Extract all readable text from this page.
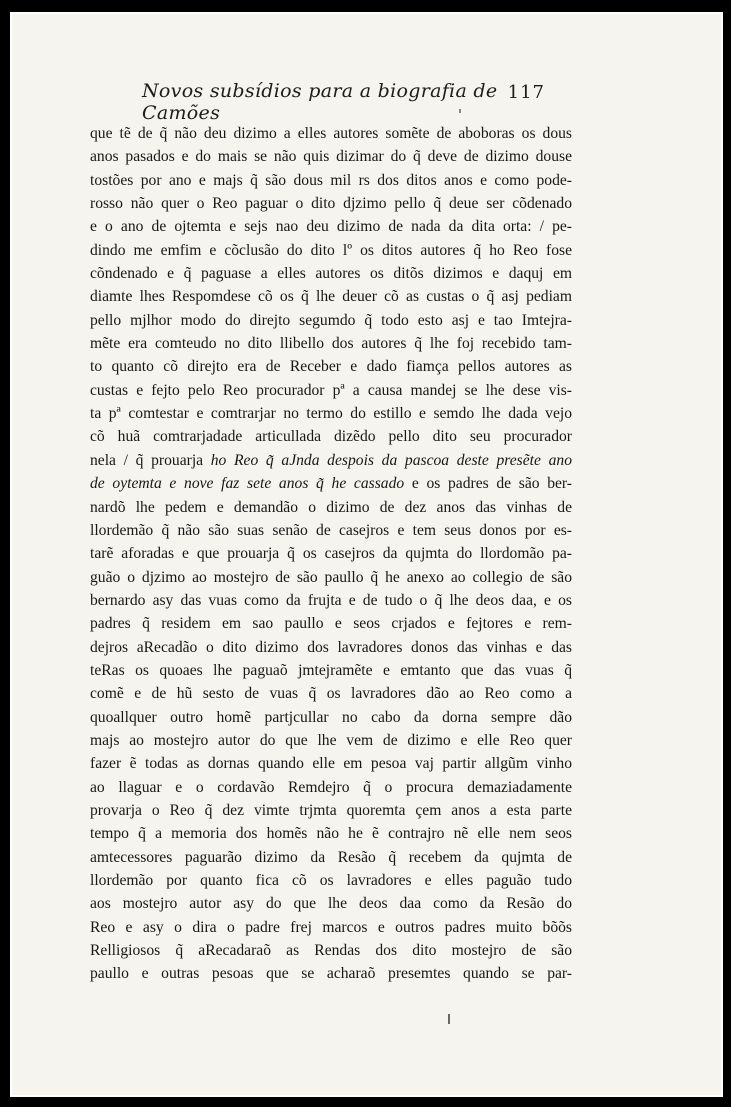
Novos subsídios para a biografia de Camões
117
que tẽ de q̃ não deu dizimo a elles autores somẽte de aboboras os dous
anos pasados e do mais se não quis dizimar do q̃ deve de dizimo douse
tostões por ano e majs q̃ são dous mil rs dos ditos anos e como pode-
rosso não quer o Reo paguar o dito djzimo pello q̃ deue ser cõdenado
e o ano de ojtemta e sejs nao deu dizimo de nada da dita orta: / pe-
dindo me emfim e cõclusão do dito lº os ditos autores q̃ ho Reo fose
cõndenado e q̃ paguase a elles autores os ditõs dizimos e daquj em
diamte lhes Respomdese cõ os q̃ lhe deuer cõ as custas o q̃ asj pediam
pello mjlhor modo do direjto segumdo q̃ todo esto asj e tao Imtejra-
mẽte era comteudo no dito llibello dos autores q̃ lhe foj recebido tam-
to quanto cõ direjto era de Receber e dado fiamça pellos autores as
custas e fejto pelo Reo procurador pª a causa mandej se lhe dese vis-
ta pª comtestar e comtrarjar no termo do estillo e semdo lhe dada vejo
cõ huã comtrarjadade articullada dizẽdo pello dito seu procurador
nela / q̃ prouarja ho Reo q̃ aJnda despois da pascoa deste presẽte ano
de oytemta e nove faz sete anos q̃ he cassado e os padres de são ber-
nardõ lhe pedem e demandão o dizimo de dez anos das vinhas de
llordemão q̃ não são suas senão de casejros e tem seus donos por es-
tarẽ aforadas e que prouarja q̃ os casejros da qujmta do llordomão pa-
guão o djzimo ao mostejro de são paullo q̃ he anexo ao collegio de são
bernardo asy das vuas como da frujta e de tudo o q̃ lhe deos daa, e os
padres q̃ residem em sao paullo e seos crjados e fejtores e rem-
dejros aRecadão o dito dizimo dos lavradores donos das vinhas e das
teRas os quoaes lhe paguaõ jmtejramẽte e emtanto que das vuas q̃
comẽ e de hũ sesto de vuas q̃ os lavradores dão ao Reo como a
quoallquer outro homẽ partjcullar no cabo da dorna sempre dão
majs ao mostejro autor do que lhe vem de dizimo e elle Reo quer
fazer ẽ todas as dornas quando elle em pesoa vaj partir allgũm vinho
ao llaguar e o cordavão Remdejro q̃ o procura demaziadamente
provarja o Reo q̃ dez vimte trjmta quoremta çem anos a esta parte
tempo q̃ a memoria dos homẽs não he ẽ contrajro nẽ elle nem seos
amtecessores paguarão dizimo da Resão q̃ recebem da qujmta de
llordemão por quanto fica cõ os lavradores e elles paguão tudo
aos mostejro autor asy do que lhe deos daa como da Resão do
Reo e asy o dira o padre frej marcos e outros padres muito bõõs
Relligiosos q̃ aRecadaraõ as Rendas dos dito mostejro de são
paullo e outras pesoas que se acharaõ presemtes quando se par-
